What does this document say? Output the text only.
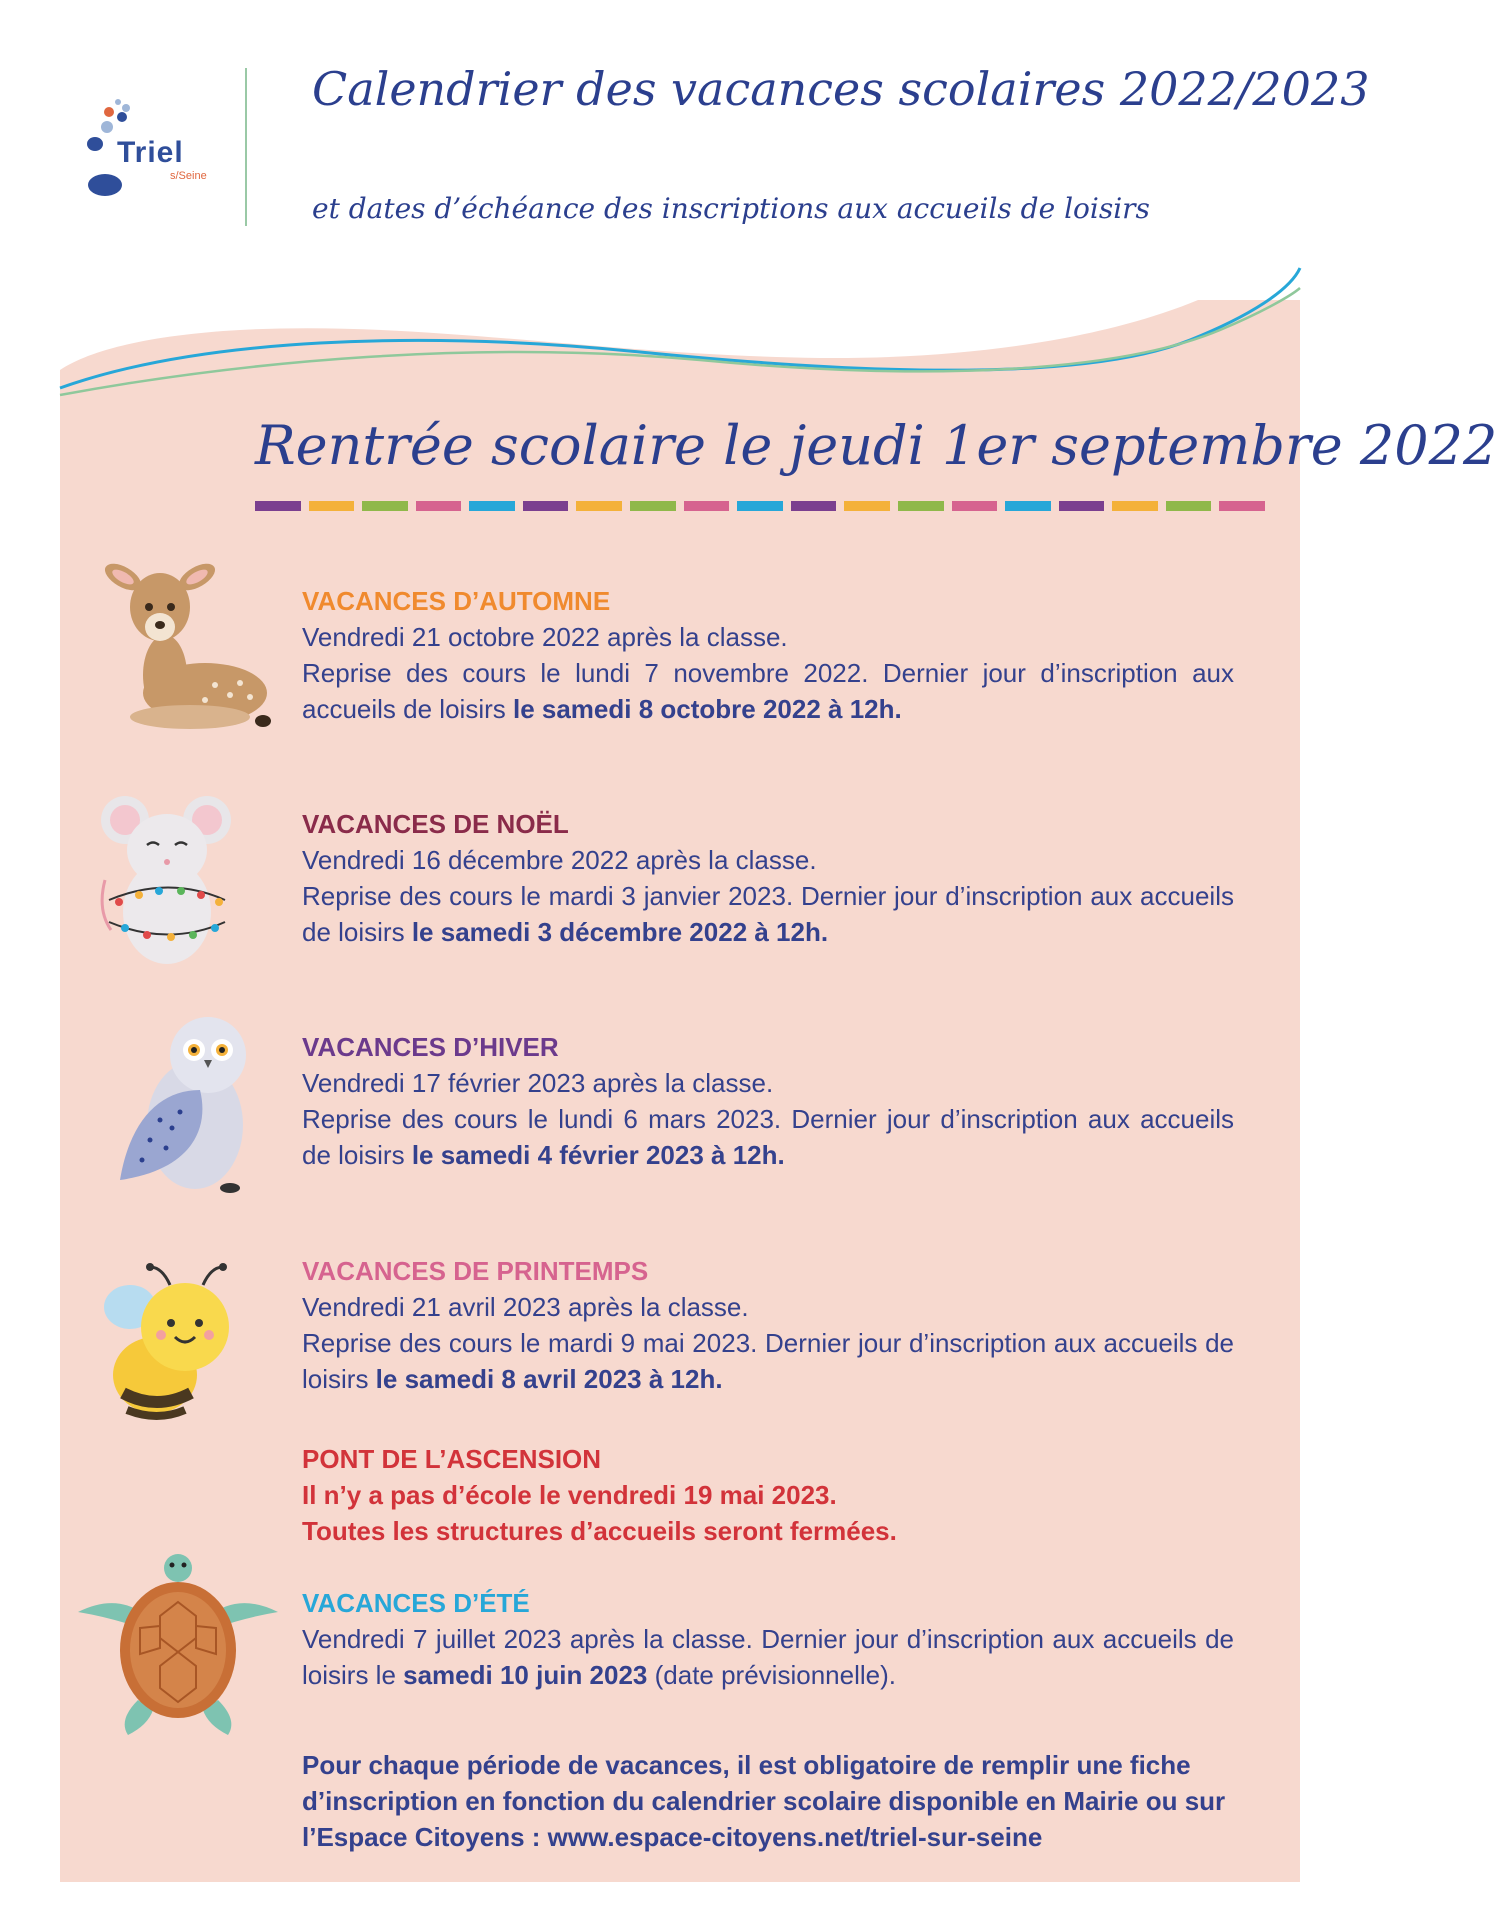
Triel
s/Seine
Calendrier des vacances scolaires 2022/2023
et dates d’échéance des inscriptions aux accueils de loisirs
Rentrée scolaire le jeudi 1er septembre 2022

VACANCES D’AUTOMNE

Vendredi 21 octobre 2022 après la classe.

Reprise des cours le lundi 7 novembre 2022. Dernier jour d’inscription aux accueils de loisirs le samedi 8 octobre 2022 à 12h.

VACANCES DE NOËL

Vendredi 16 décembre 2022 après la classe.

Reprise des cours le mardi 3 janvier 2023. Dernier jour d’inscription aux accueils de loisirs le samedi 3 décembre 2022 à 12h.

VACANCES D’HIVER

Vendredi 17 février 2023 après la classe.

Reprise des cours le lundi 6 mars 2023. Dernier jour d’inscription aux accueils de loisirs le samedi 4 février 2023 à 12h.

VACANCES DE PRINTEMPS

Vendredi 21 avril 2023 après la classe.

Reprise des cours le mardi 9 mai 2023. Dernier jour d’inscription aux accueils de loisirs le samedi 8 avril 2023 à 12h.

PONT DE L’ASCENSION

Il n’y a pas d’école le vendredi 19 mai 2023.

Toutes les structures d’accueils seront fermées.

VACANCES D’ÉTÉ

Vendredi 7 juillet 2023 après la classe. Dernier jour d’inscription aux accueils de loisirs le samedi 10 juin 2023 (date prévisionnelle).

Pour chaque période de vacances, il est obligatoire de remplir une fiche d’inscription en fonction du calendrier scolaire disponible en Mairie ou sur l’Espace Citoyens : www.espace-citoyens.net/triel-sur-seine
